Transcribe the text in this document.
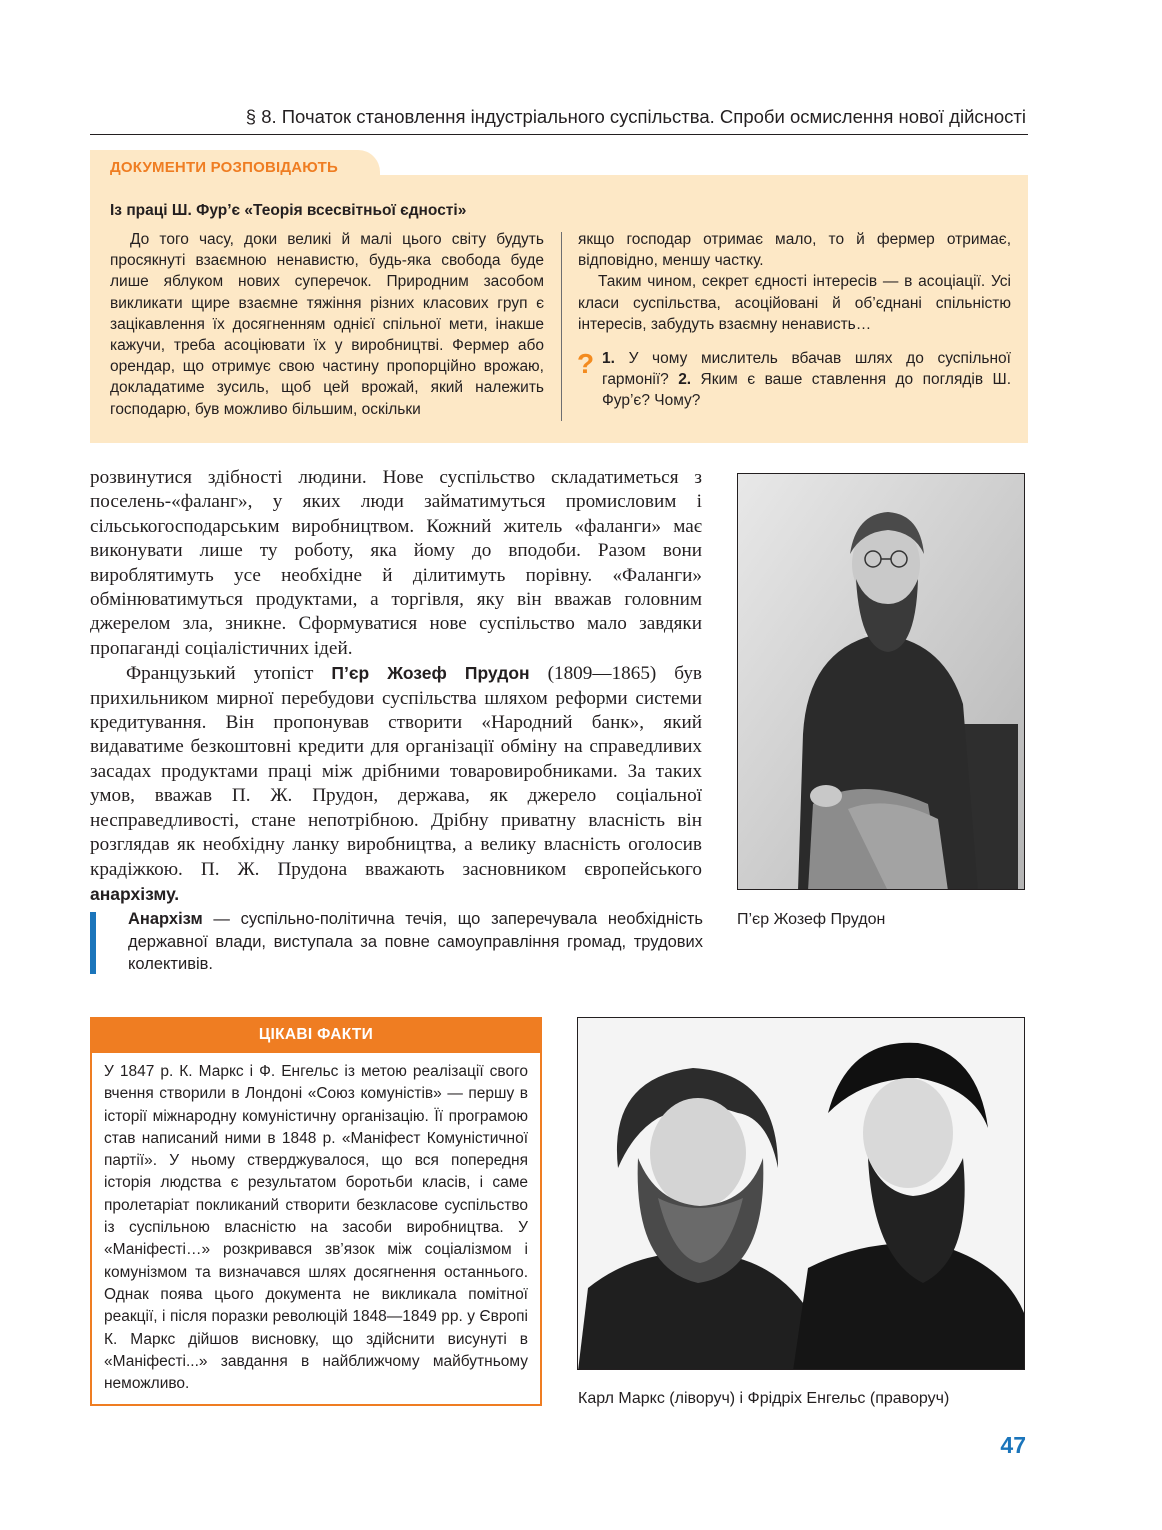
§ 8. Початок становлення індустріального суспільства. Спроби осмислення нової дійсності
ДОКУМЕНТИ РОЗПОВІДАЮТЬ
Із праці Ш. Фур’є «Теорія всесвітньої єдності»

До того часу, доки великі й малі цього світу будуть просякнуті взаємною ненавистю, будь-яка свобода буде лише яблуком нових суперечок. Природним засобом викликати щире взаємне тяжіння різних класових груп є зацікавлення їх досягненням однієї спільної мети, інакше кажучи, треба асоціювати їх у виробництві. Фермер або орендар, що отримує свою частину пропорційно врожаю, докладатиме зусиль, щоб цей врожай, який належить господарю, був можливо більшим, оскільки

якщо господар отримає мало, то й фермер отримає, відповідно, меншу частку.

Таким чином, секрет єдності інтересів — в асоціації. Усі класи суспільства, асоційовані й об’єднані спільністю інтересів, забудуть взаємну ненависть…

? 1. У чому мислитель вбачав шлях до суспільної гармонії? 2. Яким є ваше ставлення до поглядів Ш. Фур’є? Чому?

розвинутися здібності людини. Нове суспільство складатиметься з поселень-«фаланг», у яких люди займатимуться промисловим і сільськогосподарським виробництвом. Кожний житель «фаланги» має виконувати лише ту роботу, яка йому до вподоби. Разом вони вироблятимуть усе необхідне й ділитимуть порівну. «Фаланги» обмінюватимуться продуктами, а торгівля, яку він вважав головним джерелом зла, зникне. Сформуватися нове суспільство мало завдяки пропаганді соціалістичних ідей.

Французький утопіст П’єр Жозеф Прудон (1809—1865) був прихильником мирної перебудови суспільства шляхом реформи системи кредитування. Він пропонував створити «Народний банк», який видаватиме безкоштовні кредити для організації обміну на справедливих засадах продуктами праці між дрібними товаровиробниками. За таких умов, вважав П. Ж. Прудон, держава, як джерело соціальної несправедливості, стане непотрібною. Дрібну приватну власність він розглядав як необхідну ланку виробництва, а велику власність оголосив крадіжкою. П. Ж. Прудона вважають засновником європейського анархізму.

Анархізм — суспільно-політична течія, що заперечувала необхідність державної влади, виступала за повне самоуправління громад, трудових колективів.
П’єр Жозеф Прудон
ЦІКАВІ ФАКТИ
У 1847 р. К. Маркс і Ф. Енгельс із метою реалізації свого вчення створили в Лондоні «Союз комуністів» — першу в історії міжнародну комуністичну організацію. Її програмою став написаний ними в 1848 р. «Маніфест Комуністичної партії». У ньому стверджувалося, що вся попередня історія людства є результатом боротьби класів, і саме пролетаріат покликаний створити безкласове суспільство із суспільною власністю на засоби виробництва. У «Маніфесті…» розкривався зв’язок між соціалізмом і комунізмом та визначався шлях досягнення останнього. Однак поява цього документа не викликала помітної реакції, і після поразки революцій 1848—1849 рр. у Європі К. Маркс дійшов висновку, що здійснити висунуті в «Маніфесті...» завдання в найближчому майбутньому неможливо.
Карл Маркс (ліворуч) і Фрідріх Енгельс (праворуч)
47
